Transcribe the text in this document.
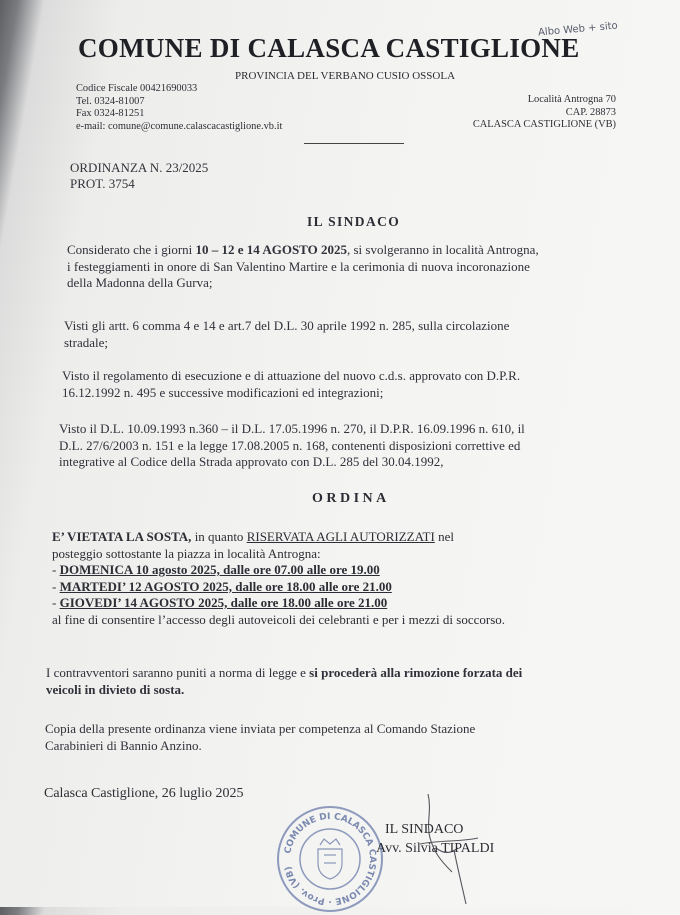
Albo Web + sito
COMUNE DI CALASCA CASTIGLIONE
PROVINCIA DEL VERBANO CUSIO OSSOLA
Codice Fiscale 00421690033
Tel. 0324-81007
Fax 0324-81251
e-mail: comune@comune.calascacastiglione.vb.it
Località Antrogna 70
CAP. 28873
CALASCA CASTIGLIONE (VB)
ORDINANZA N. 23/2025
PROT. 3754
IL SINDACO
Considerato che i giorni 10 – 12 e 14 AGOSTO 2025, si svolgeranno in località Antrogna,
i festeggiamenti in onore di San Valentino Martire e la cerimonia di nuova incoronazione
della Madonna della Gurva;
Visti gli artt. 6 comma 4 e 14 e art.7 del D.L. 30 aprile 1992 n. 285, sulla circolazione
stradale;
Visto il regolamento di esecuzione e di attuazione del nuovo c.d.s. approvato con D.P.R.
16.12.1992 n. 495 e successive modificazioni ed integrazioni;
Visto il D.L. 10.09.1993 n.360 – il D.L. 17.05.1996 n. 270, il D.P.R. 16.09.1996 n. 610, il
D.L. 27/6/2003 n. 151 e la legge 17.08.2005 n. 168, contenenti disposizioni correttive ed
integrative al Codice della Strada approvato con D.L. 285 del 30.04.1992,
ORDINA
E’ VIETATA LA SOSTA, in quanto RISERVATA AGLI AUTORIZZATI nel
posteggio sottostante la piazza in località Antrogna:
- DOMENICA 10 agosto 2025, dalle ore 07.00 alle ore 19.00
- MARTEDI’ 12 AGOSTO 2025, dalle ore 18.00 alle ore 21.00
- GIOVEDI’ 14 AGOSTO 2025, dalle ore 18.00 alle ore 21.00
al fine di consentire l’accesso degli autoveicoli dei celebranti e per i mezzi di soccorso.
I contravventori saranno puniti a norma di legge e si procederà alla rimozione forzata dei
veicoli in divieto di sosta.
Copia della presente ordinanza viene inviata per competenza al Comando Stazione
Carabinieri di Bannio Anzino.
Calasca Castiglione, 26 luglio 2025
COMUNE DI CALASCA CASTIGLIONE · Prov. (VB)
IL SINDACO
Avv. Silvia TIPALDI
